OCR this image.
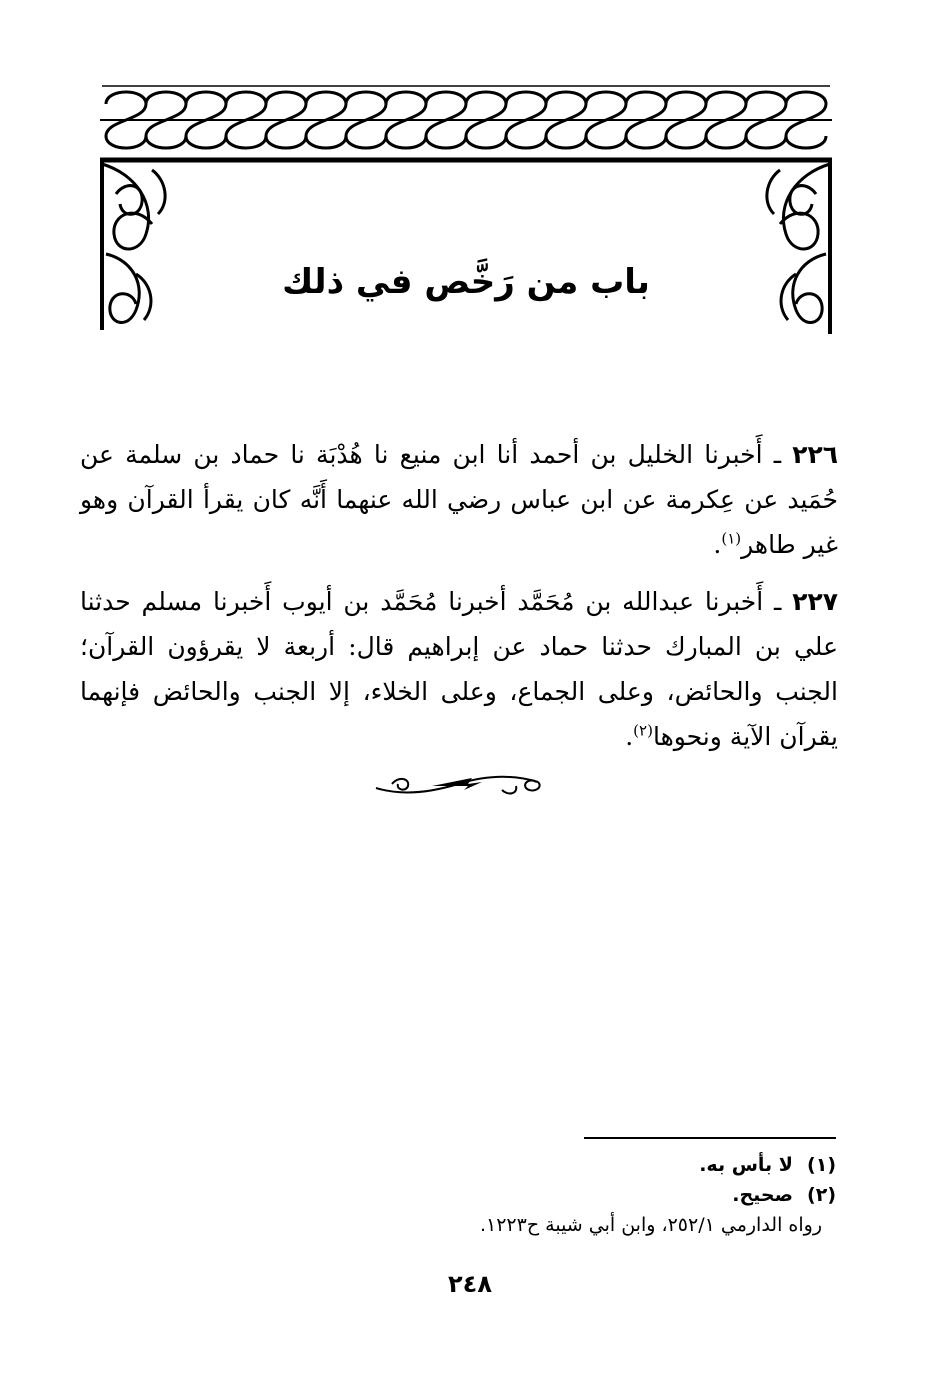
باب من رَخَّص في ذلك

٢٢٦ ـ أَخبرنا الخليل بن أحمد أنا ابن منيع نا هُدْبَة نا حماد بن سلمة عن حُمَيد عن عِكرمة عن ابن عباس رضي الله عنهما أَنَّه كان يقرأ القرآن وهو غير طاهر$^{(١)}$.

٢٢٧ ـ أَخبرنا عبدالله بن مُحَمَّد أخبرنا مُحَمَّد بن أيوب أَخبرنا مسلم حدثنا علي بن المبارك حدثنا حماد عن إبراهيم قال: أربعة لا يقرؤون القرآن؛ الجنب والحائض، وعلى الجماع، وعلى الخلاء، إلا الجنب والحائض فإنهما يقرآن الآية ونحوها$^{(٢)}$.

(١) لا بأس به.

(٢) صحيح.

رواه الدارمي ٢٥٢/١، وابن أبي شيبة ح١٢٢٣.

٢٤٨
